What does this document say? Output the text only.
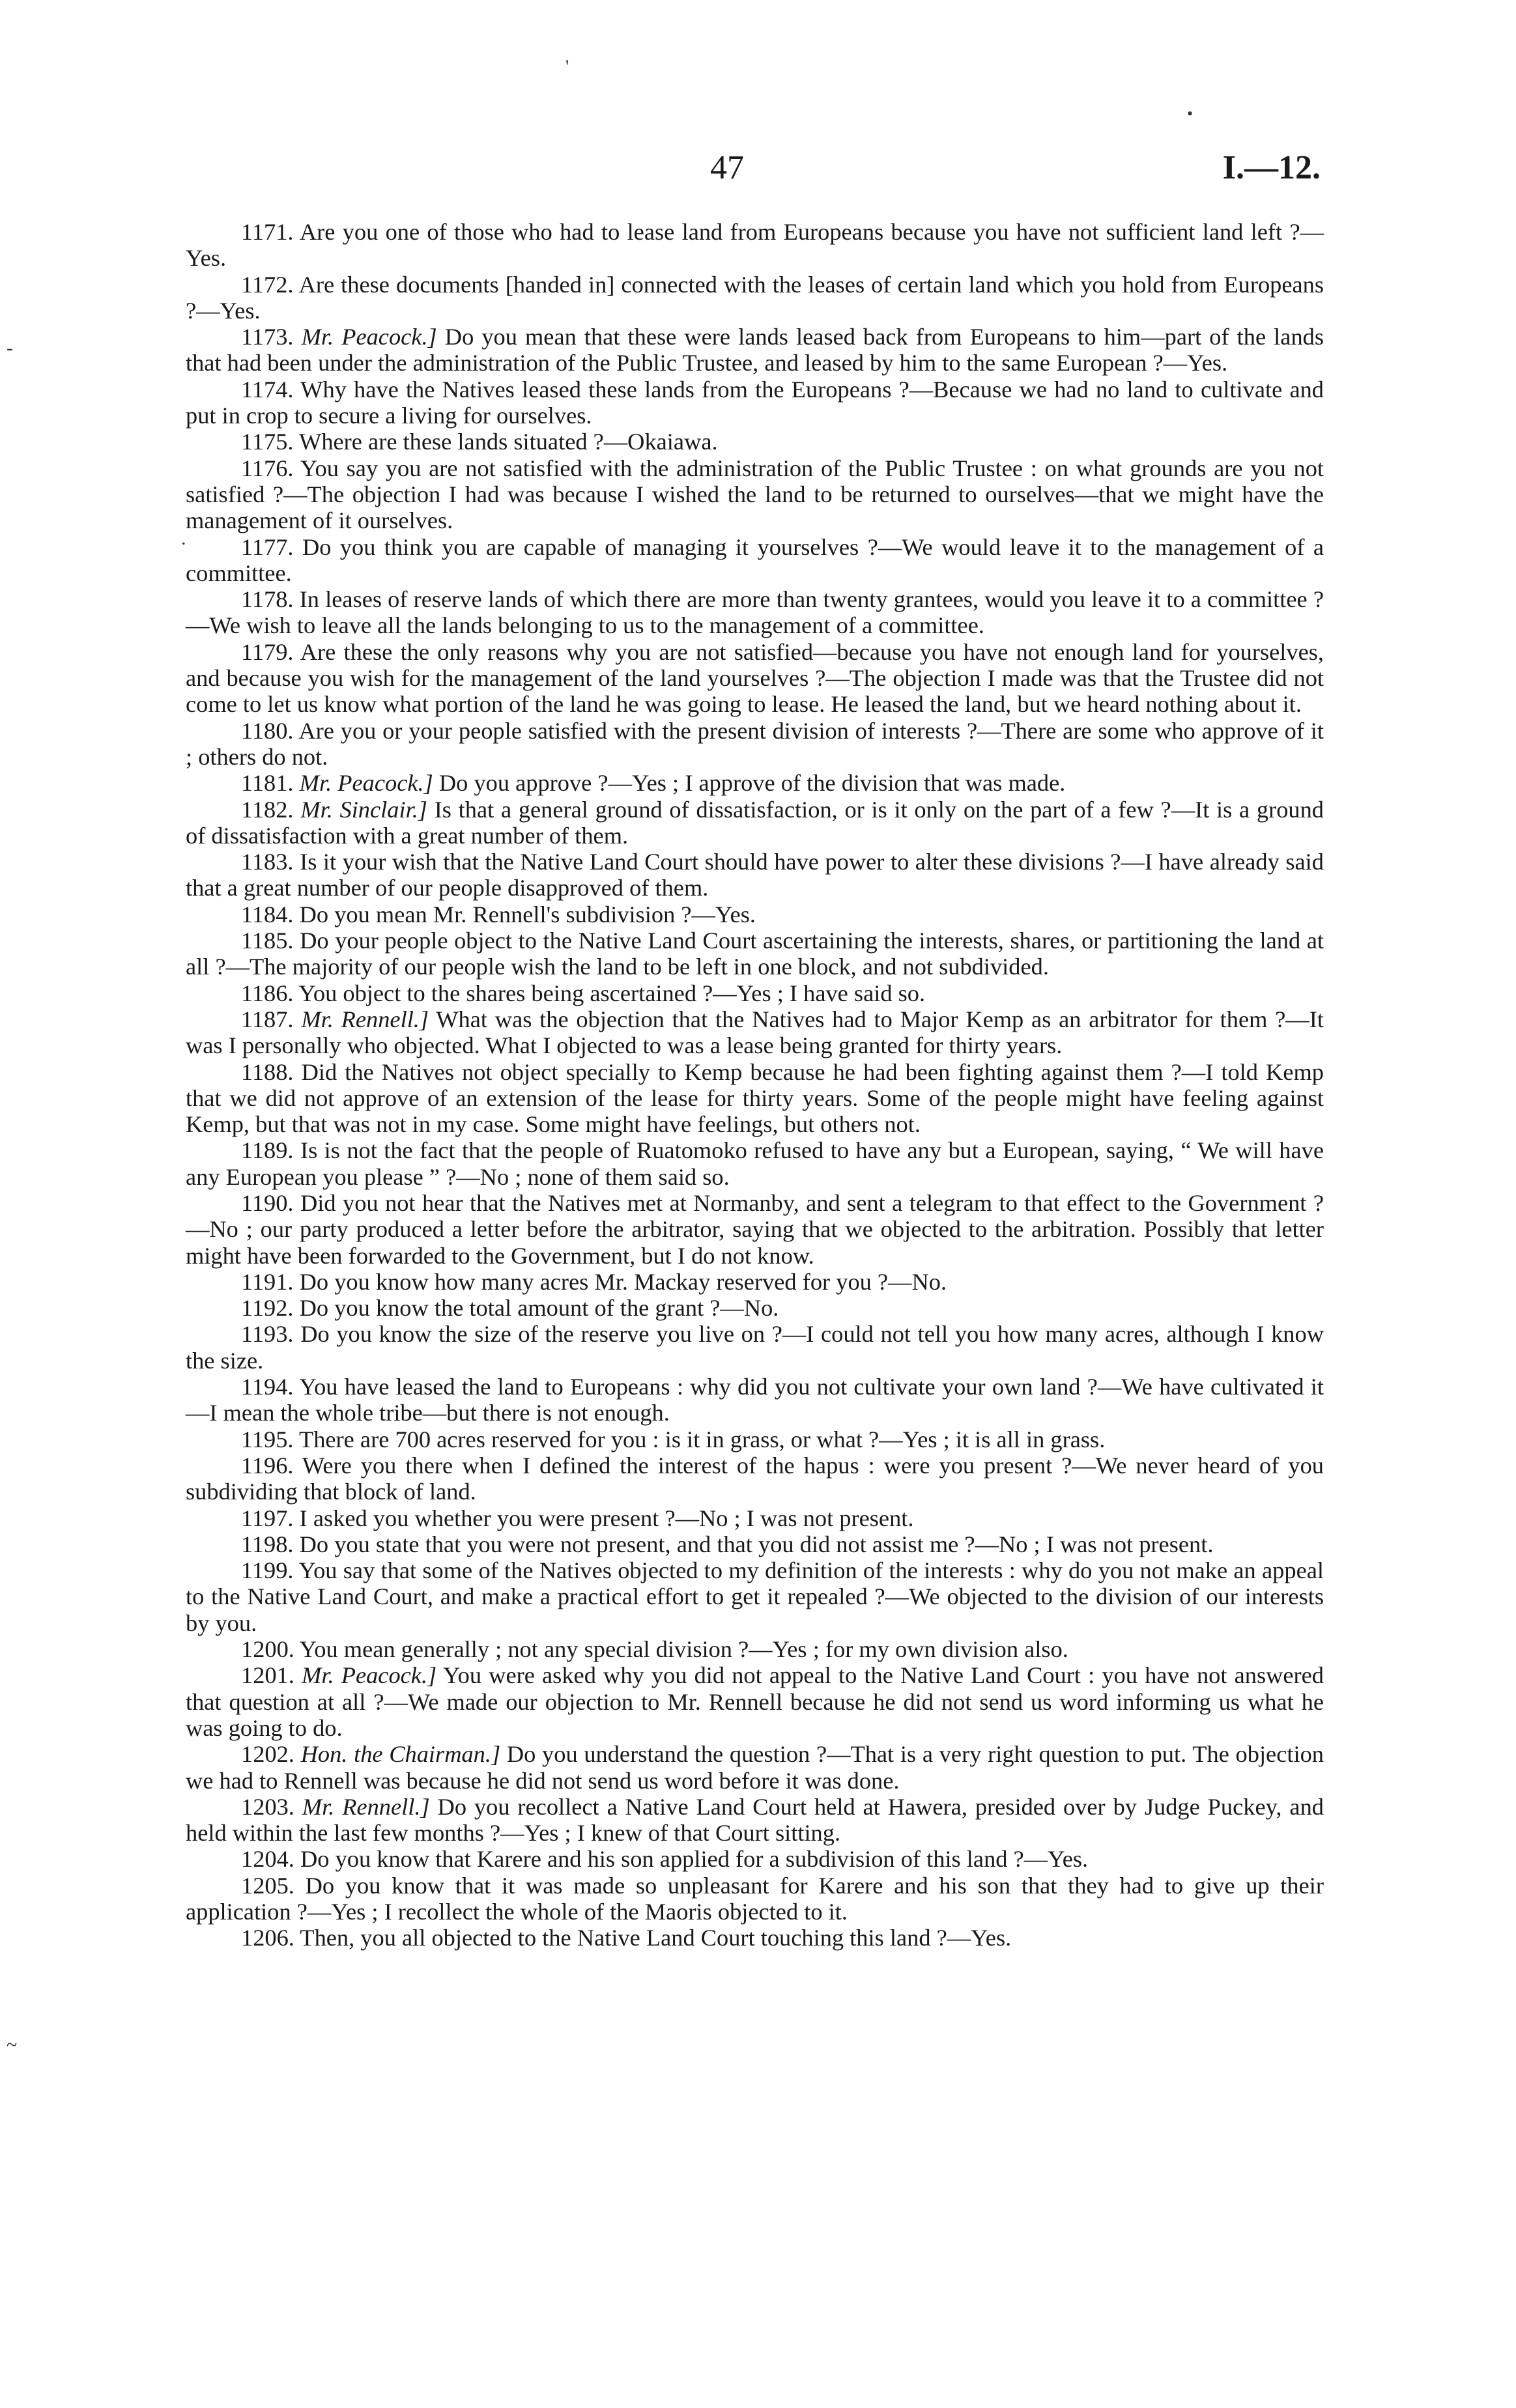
'
•
-
.
~
47	I.—12.

1171. Are you one of those who had to lease land from Europeans because you have not sufficient land left ?—Yes.

1172. Are these documents [handed in] connected with the leases of certain land which you hold from Europeans ?—Yes.

1173. Mr. Peacock.] Do you mean that these were lands leased back from Europeans to him—part of the lands that had been under the administration of the Public Trustee, and leased by him to the same European ?—Yes.

1174. Why have the Natives leased these lands from the Europeans ?—Because we had no land to cultivate and put in crop to secure a living for ourselves.

1175. Where are these lands situated ?—Okaiawa.

1176. You say you are not satisfied with the administration of the Public Trustee : on what grounds are you not satisfied ?—The objection I had was because I wished the land to be returned to ourselves—that we might have the management of it ourselves.

1177. Do you think you are capable of managing it yourselves ?—We would leave it to the management of a committee.

1178. In leases of reserve lands of which there are more than twenty grantees, would you leave it to a committee ?—We wish to leave all the lands belonging to us to the management of a committee.

1179. Are these the only reasons why you are not satisfied—because you have not enough land for yourselves, and because you wish for the management of the land yourselves ?—The objection I made was that the Trustee did not come to let us know what portion of the land he was going to lease. He leased the land, but we heard nothing about it.

1180. Are you or your people satisfied with the present division of interests ?—There are some who approve of it ; others do not.

1181. Mr. Peacock.] Do you approve ?—Yes ; I approve of the division that was made.

1182. Mr. Sinclair.] Is that a general ground of dissatisfaction, or is it only on the part of a few ?—It is a ground of dissatisfaction with a great number of them.

1183. Is it your wish that the Native Land Court should have power to alter these divisions ?—I have already said that a great number of our people disapproved of them.

1184. Do you mean Mr. Rennell's subdivision ?—Yes.

1185. Do your people object to the Native Land Court ascertaining the interests, shares, or partitioning the land at all ?—The majority of our people wish the land to be left in one block, and not subdivided.

1186. You object to the shares being ascertained ?—Yes ; I have said so.

1187. Mr. Rennell.] What was the objection that the Natives had to Major Kemp as an arbitrator for them ?—It was I personally who objected. What I objected to was a lease being granted for thirty years.

1188. Did the Natives not object specially to Kemp because he had been fighting against them ?—I told Kemp that we did not approve of an extension of the lease for thirty years. Some of the people might have feeling against Kemp, but that was not in my case. Some might have feelings, but others not.

1189. Is is not the fact that the people of Ruatomoko refused to have any but a European, saying, “ We will have any European you please ” ?—No ; none of them said so.

1190. Did you not hear that the Natives met at Normanby, and sent a telegram to that effect to the Government ?—No ; our party produced a letter before the arbitrator, saying that we objected to the arbitration. Possibly that letter might have been forwarded to the Government, but I do not know.

1191. Do you know how many acres Mr. Mackay reserved for you ?—No.

1192. Do you know the total amount of the grant ?—No.

1193. Do you know the size of the reserve you live on ?—I could not tell you how many acres, although I know the size.

1194. You have leased the land to Europeans : why did you not cultivate your own land ?—We have cultivated it—I mean the whole tribe—but there is not enough.

1195. There are 700 acres reserved for you : is it in grass, or what ?—Yes ; it is all in grass.

1196. Were you there when I defined the interest of the hapus : were you present ?—We never heard of you subdividing that block of land.

1197. I asked you whether you were present ?—No ; I was not present.

1198. Do you state that you were not present, and that you did not assist me ?—No ; I was not present.

1199. You say that some of the Natives objected to my definition of the interests : why do you not make an appeal to the Native Land Court, and make a practical effort to get it repealed ?—We objected to the division of our interests by you.

1200. You mean generally ; not any special division ?—Yes ; for my own division also.

1201. Mr. Peacock.] You were asked why you did not appeal to the Native Land Court : you have not answered that question at all ?—We made our objection to Mr. Rennell because he did not send us word informing us what he was going to do.

1202. Hon. the Chairman.] Do you understand the question ?—That is a very right question to put. The objection we had to Rennell was because he did not send us word before it was done.

1203. Mr. Rennell.] Do you recollect a Native Land Court held at Hawera, presided over by Judge Puckey, and held within the last few months ?—Yes ; I knew of that Court sitting.

1204. Do you know that Karere and his son applied for a subdivision of this land ?—Yes.

1205. Do you know that it was made so unpleasant for Karere and his son that they had to give up their application ?—Yes ; I recollect the whole of the Maoris objected to it.

1206. Then, you all objected to the Native Land Court touching this land ?—Yes.
